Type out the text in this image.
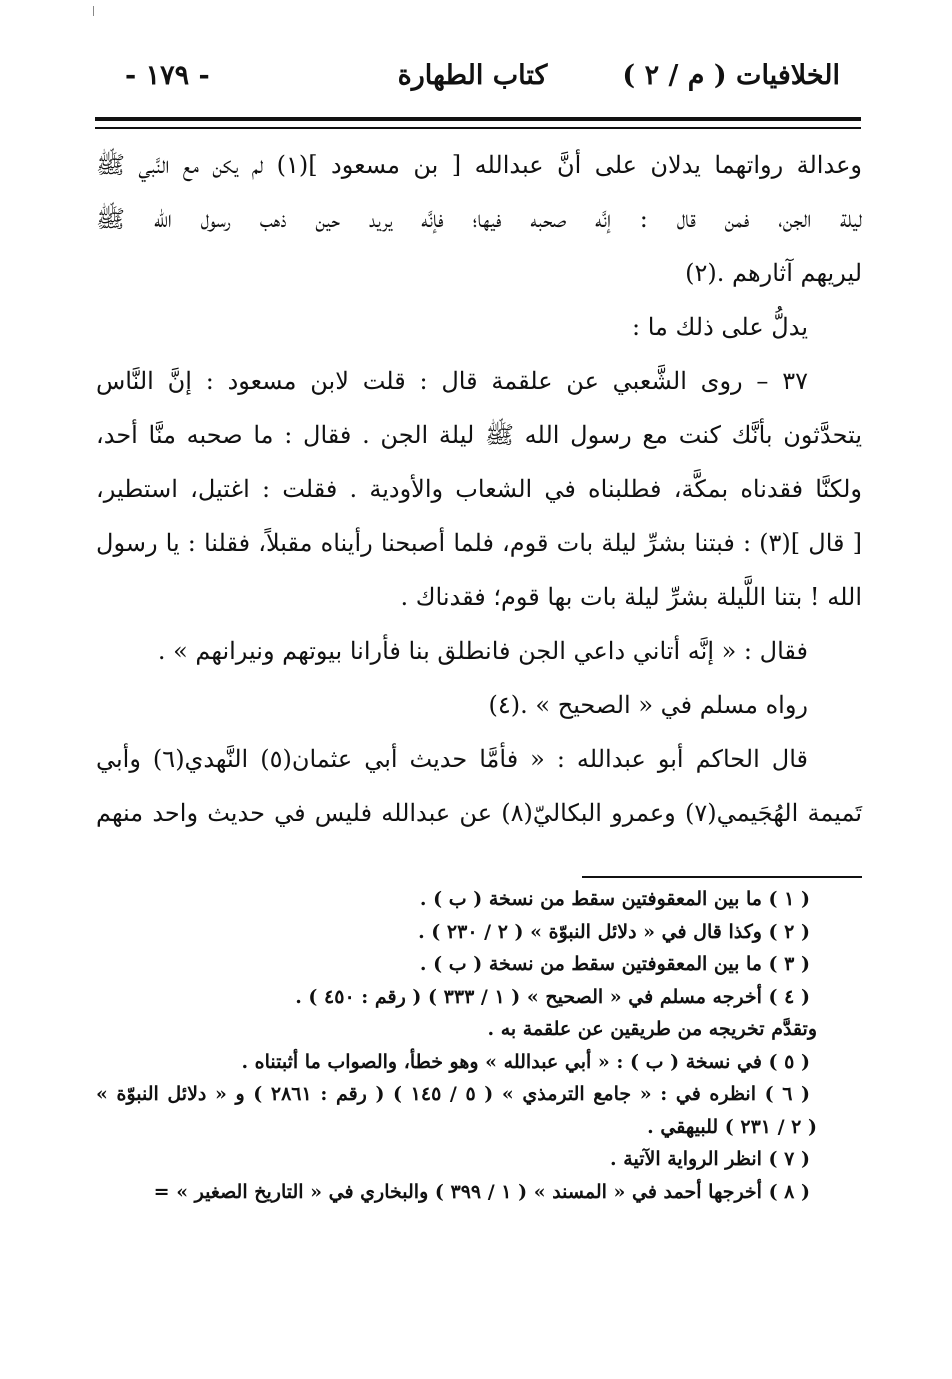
الخلافيات ( م / ٢ )
كتاب الطهارة
- ١٧٩ -

وعدالة رواتهما يدلان على أنَّ عبدالله [ بن مسعود ](١) لم يكن مع النَّبي ﷺ

ليلة الجن، فمن قال : إنَّه صحبه فيها؛ فإنَّه يريد حين ذهب رسول الله ﷺ

ليريهم آثارهم .(٢)

يدلُّ على ذلك ما :

٣٧ – روى الشَّعبي عن علقمة قال : قلت لابن مسعود : إنَّ النَّاس

يتحدَّثون بأنَّك كنت مع رسول الله ﷺ ليلة الجن . فقال : ما صحبه منَّا أحد،

ولكنَّا فقدناه بمكَّة، فطلبناه في الشعاب والأودية . فقلت : اغتيل، استطير،

[ قال ](٣) : فبتنا بشرِّ ليلة بات قوم، فلما أصبحنا رأيناه مقبلاً، فقلنا : يا رسول

الله ! بتنا اللَّيلة بشرِّ ليلة بات بها قوم؛ فقدناك .

فقال : « إنَّه أتاني داعي الجن فانطلق بنا فأرانا بيوتهم ونيرانهم » .

رواه مسلم في « الصحيح » .(٤)

قال الحاكم أبو عبدالله : « فأمَّا حديث أبي عثمان(٥) النَّهدي(٦) وأبي

تَميمة الهُجَيمي(٧) وعمرو البكاليّ(٨) عن عبدالله فليس في حديث واحد منهم

( ١ ) ما بين المعقوفتين سقط من نسخة ( ب ) .

( ٢ ) وكذا قال في « دلائل النبوّة » ( ٢ / ٢٣٠ ) .

( ٣ ) ما بين المعقوفتين سقط من نسخة ( ب ) .

( ٤ ) أخرجه مسلم في « الصحيح » ( ١ / ٣٣٣ ) ( رقم : ٤٥٠ ) .

وتقدَّم تخريجه من طريقين عن علقمة به .

( ٥ ) في نسخة ( ب ) : « أبي عبدالله » وهو خطأ، والصواب ما أثبتناه .

( ٦ ) انظره في : « جامع الترمذي » ( ٥ / ١٤٥ ) ( رقم : ٢٨٦١ ) و « دلائل النبوّة »

( ٢ / ٢٣١ ) للبيهقي .

( ٧ ) انظر الرواية الآتية .

( ٨ ) أخرجها أحمد في « المسند » ( ١ / ٣٩٩ ) والبخاري في « التاريخ الصغير » =
